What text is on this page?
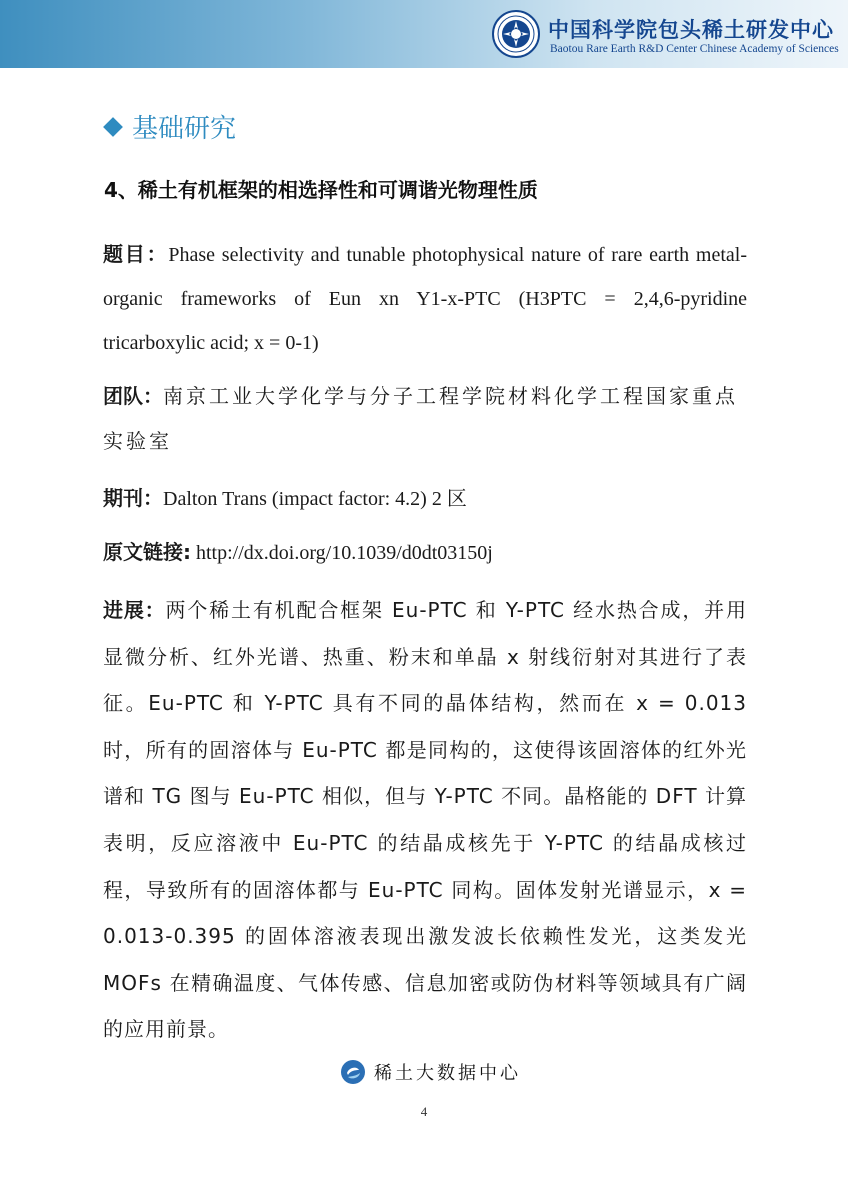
中国科学院包头稀土研发中心
Baotou Rare Earth R&D Center Chinese Academy of Sciences
基础研究
4、稀土有机框架的相选择性和可调谐光物理性质
题目：Phase selectivity and tunable photophysical nature of rare earth metal-organic frameworks of Eun xn Y1-x-PTC (H3PTC = 2,4,6-pyridine tricarboxylic acid; x = 0-1)
团队：南京工业大学化学与分子工程学院材料化学工程国家重点实验室
期刊：Dalton Trans (impact factor: 4.2) 2 区
原文链接: http://dx.doi.org/10.1039/d0dt03150j
进展：两个稀土有机配合框架 Eu-PTC 和 Y-PTC 经水热合成，并用显微分析、红外光谱、热重、粉末和单晶 x 射线衍射对其进行了表征。Eu-PTC 和 Y-PTC 具有不同的晶体结构，然而在 x = 0.013 时，所有的固溶体与 Eu-PTC 都是同构的，这使得该固溶体的红外光谱和 TG 图与 Eu-PTC 相似，但与 Y-PTC 不同。晶格能的 DFT 计算表明，反应溶液中 Eu-PTC 的结晶成核先于 Y-PTC 的结晶成核过程，导致所有的固溶体都与 Eu-PTC 同构。固体发射光谱显示，x = 0.013-0.395 的固体溶液表现出激发波长依赖性发光，这类发光 MOFs 在精确温度、气体传感、信息加密或防伪材料等领域具有广阔的应用前景。
稀土大数据中心
4
